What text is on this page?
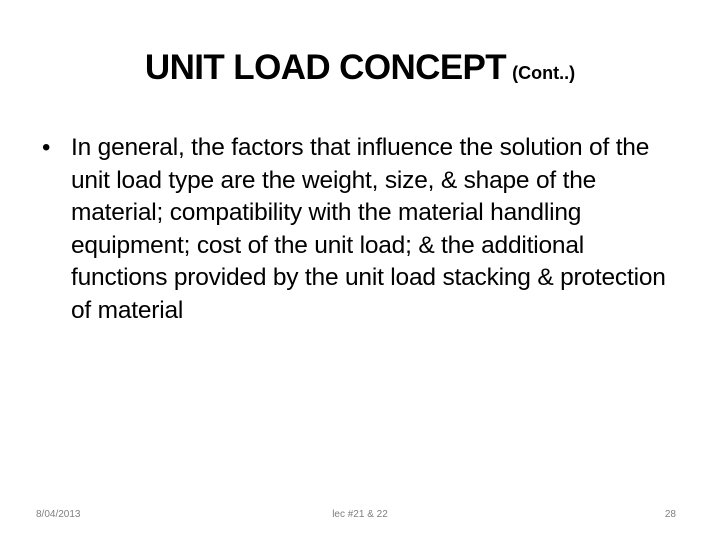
UNIT LOAD CONCEPT (Cont..)
• In general, the factors that influence the solution of the unit load type are the weight, size, & shape of the material; compatibility with the material handling equipment; cost of the unit load; & the additional functions provided by the unit load stacking & protection of material
8/04/2013	lec #21 & 22	28
